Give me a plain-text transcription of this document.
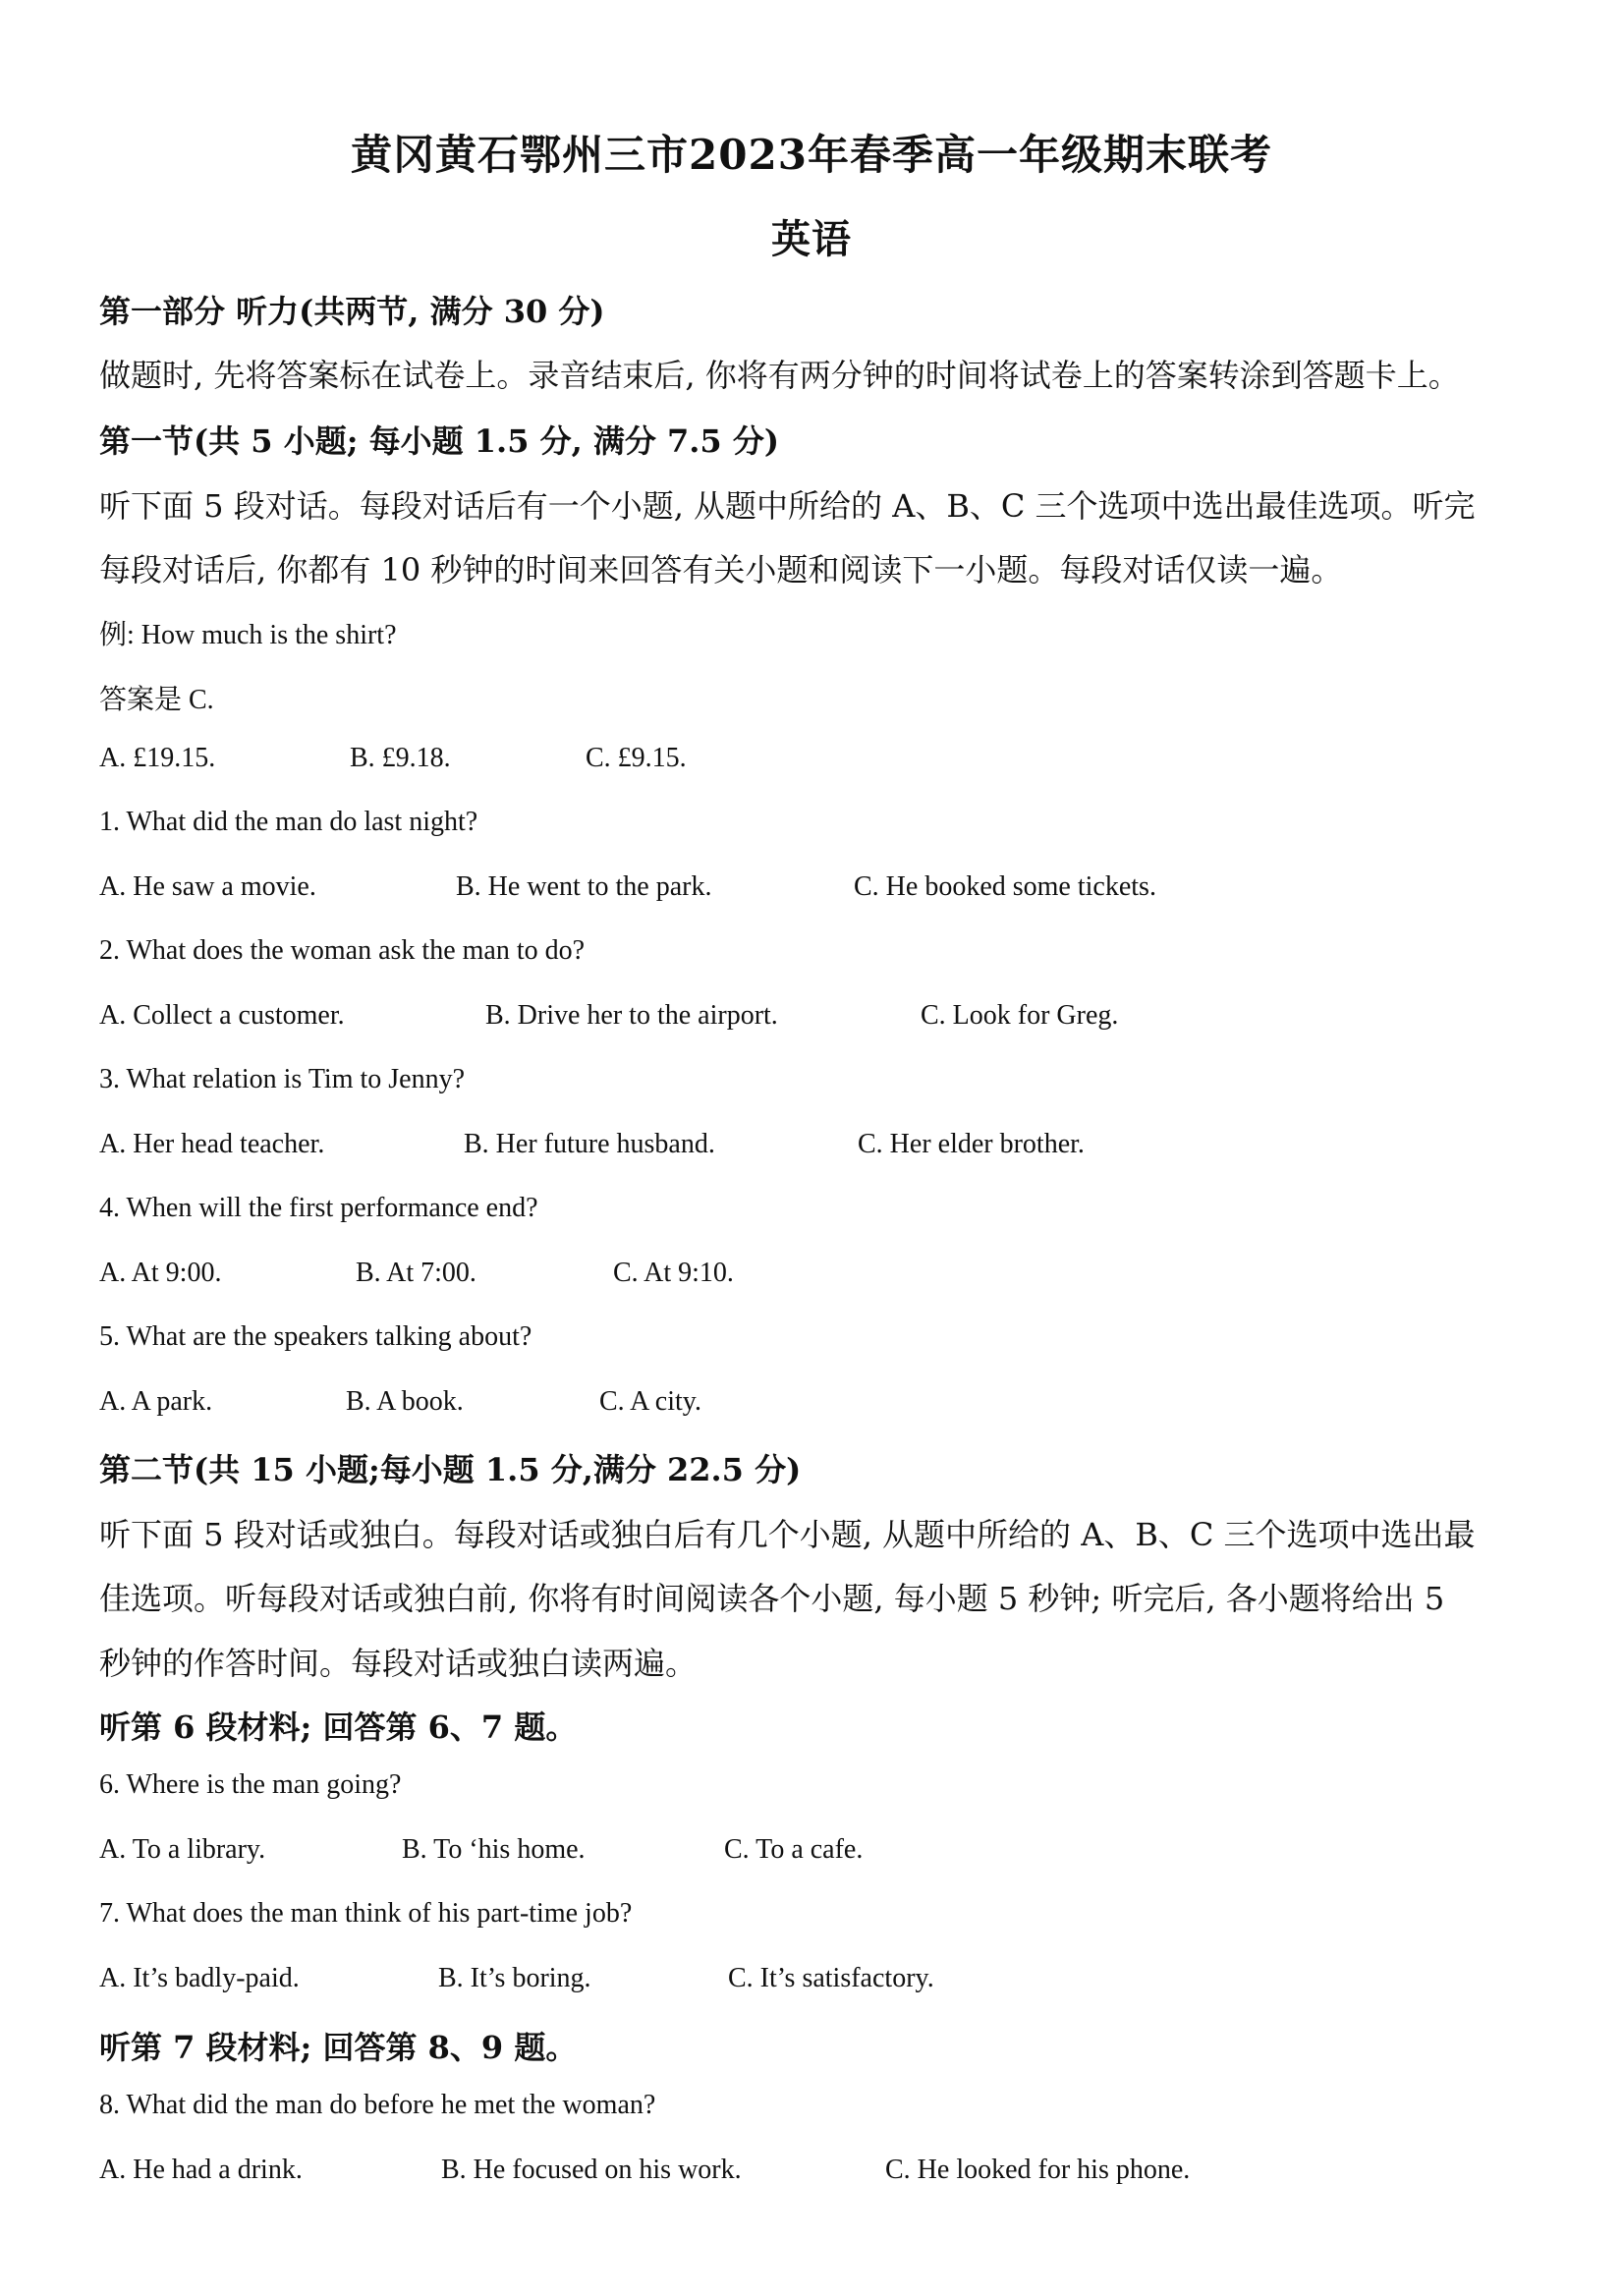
黄冈黄石鄂州三市2023年春季高一年级期末联考
英语
第一部分 听力(共两节, 满分 30 分)
做题时, 先将答案标在试卷上。录音结束后, 你将有两分钟的时间将试卷上的答案转涂到答题卡上。
第一节(共 5 小题; 每小题 1.5 分, 满分 7.5 分)
听下面 5 段对话。每段对话后有一个小题, 从题中所给的 A、B、C 三个选项中选出最佳选项。听完
每段对话后, 你都有 10 秒钟的时间来回答有关小题和阅读下一小题。每段对话仅读一遍。
例: How much is the shirt?
答案是 C.
A. £19.15.	B. £9.18.	C. £9.15.
1. What did the man do last night?
A. He saw a movie.	B. He went to the park.	C. He booked some tickets.
2. What does the woman ask the man to do?
A. Collect a customer.	B. Drive her to the airport.	C. Look for Greg.
3. What relation is Tim to Jenny?
A. Her head teacher.	B. Her future husband.	C. Her elder brother.
4. When will the first performance end?
A. At 9:00.	B. At 7:00.	C. At 9:10.
5. What are the speakers talking about?
A. A park.	B. A book.	C. A city.
第二节(共 15 小题;每小题 1.5 分,满分 22.5 分)
听下面 5 段对话或独白。每段对话或独白后有几个小题, 从题中所给的 A、B、C 三个选项中选出最
佳选项。听每段对话或独白前, 你将有时间阅读各个小题, 每小题 5 秒钟; 听完后, 各小题将给出 5
秒钟的作答时间。每段对话或独白读两遍。
听第 6 段材料; 回答第 6、7 题。
6. Where is the man going?
A. To a library.	B. To ‘his home.	C. To a cafe.
7. What does the man think of his part-time job?
A. It’s badly-paid.	B. It’s boring.	C. It’s satisfactory.
听第 7 段材料; 回答第 8、9 题。
8. What did the man do before he met the woman?
A. He had a drink.	B. He focused on his work.	C. He looked for his phone.
